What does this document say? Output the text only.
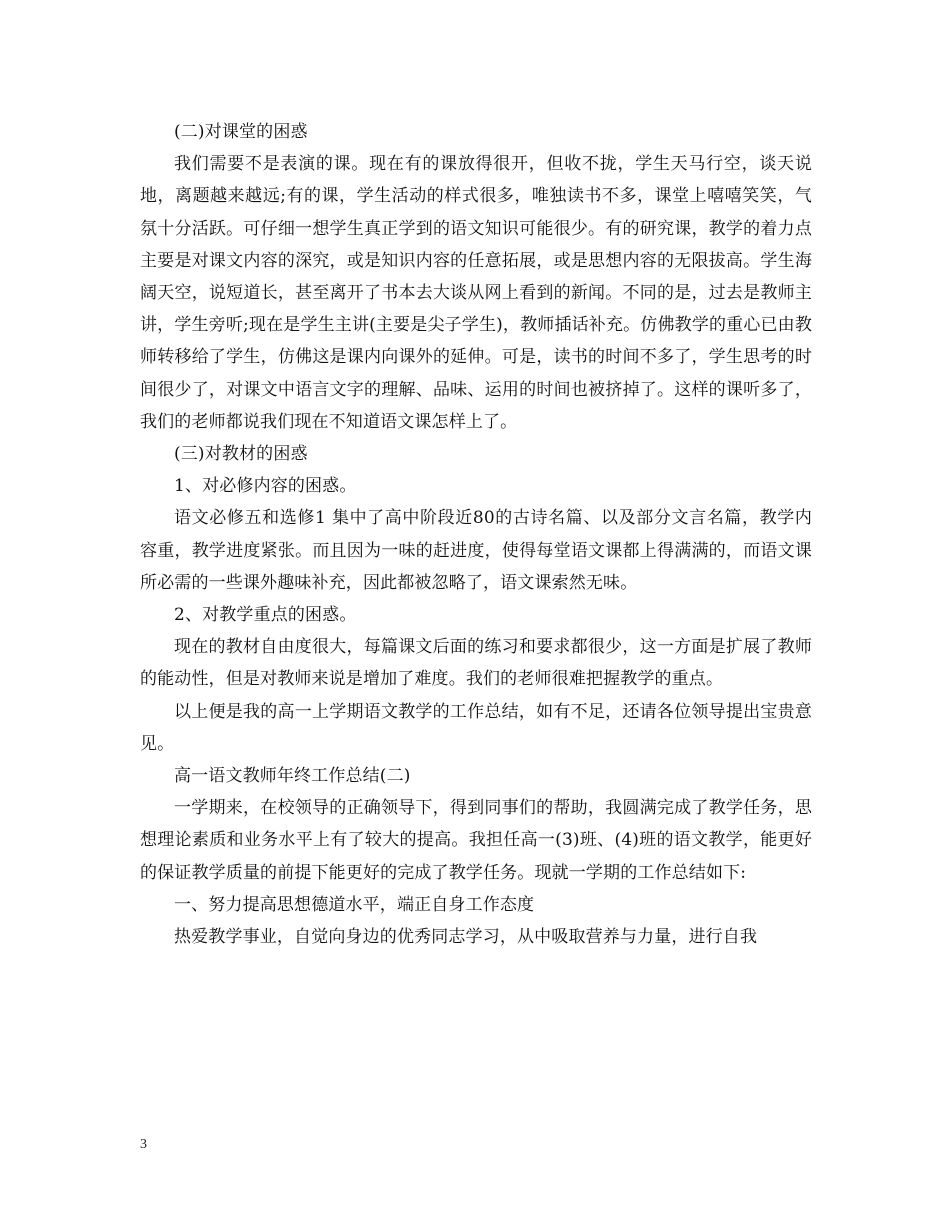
(二)对课堂的困惑

我们需要不是表演的课。现在有的课放得很开，但收不拢，学生天马行空，谈天说地，离题越来越远;有的课，学生活动的样式很多，唯独读书不多，课堂上嘻嘻笑笑，气氛十分活跃。可仔细一想学生真正学到的语文知识可能很少。有的研究课，教学的着力点主要是对课文内容的深究，或是知识内容的任意拓展，或是思想内容的无限拔高。学生海阔天空，说短道长，甚至离开了书本去大谈从网上看到的新闻。不同的是，过去是教师主讲，学生旁听;现在是学生主讲(主要是尖子学生)，教师插话补充。仿佛教学的重心已由教师转移给了学生，仿佛这是课内向课外的延伸。可是，读书的时间不多了，学生思考的时间很少了，对课文中语言文字的理解、品味、运用的时间也被挤掉了。这样的课听多了，我们的老师都说我们现在不知道语文课怎样上了。

(三)对教材的困惑

1、对必修内容的困惑。

语文必修五和选修1 集中了高中阶段近80的古诗名篇、以及部分文言名篇，教学内容重，教学进度紧张。而且因为一味的赶进度，使得每堂语文课都上得满满的，而语文课所必需的一些课外趣味补充，因此都被忽略了，语文课索然无味。

2、对教学重点的困惑。

现在的教材自由度很大，每篇课文后面的练习和要求都很少，这一方面是扩展了教师的能动性，但是对教师来说是增加了难度。我们的老师很难把握教学的重点。

以上便是我的高一上学期语文教学的工作总结，如有不足，还请各位领导提出宝贵意见。

高一语文教师年终工作总结(二)

一学期来，在校领导的正确领导下，得到同事们的帮助，我圆满完成了教学任务，思想理论素质和业务水平上有了较大的提高。我担任高一(3)班、(4)班的语文教学，能更好的保证教学质量的前提下能更好的完成了教学任务。现就一学期的工作总结如下:

一、努力提高思想德道水平，端正自身工作态度

热爱教学事业，自觉向身边的优秀同志学习，从中吸取营养与力量，进行自我

3
